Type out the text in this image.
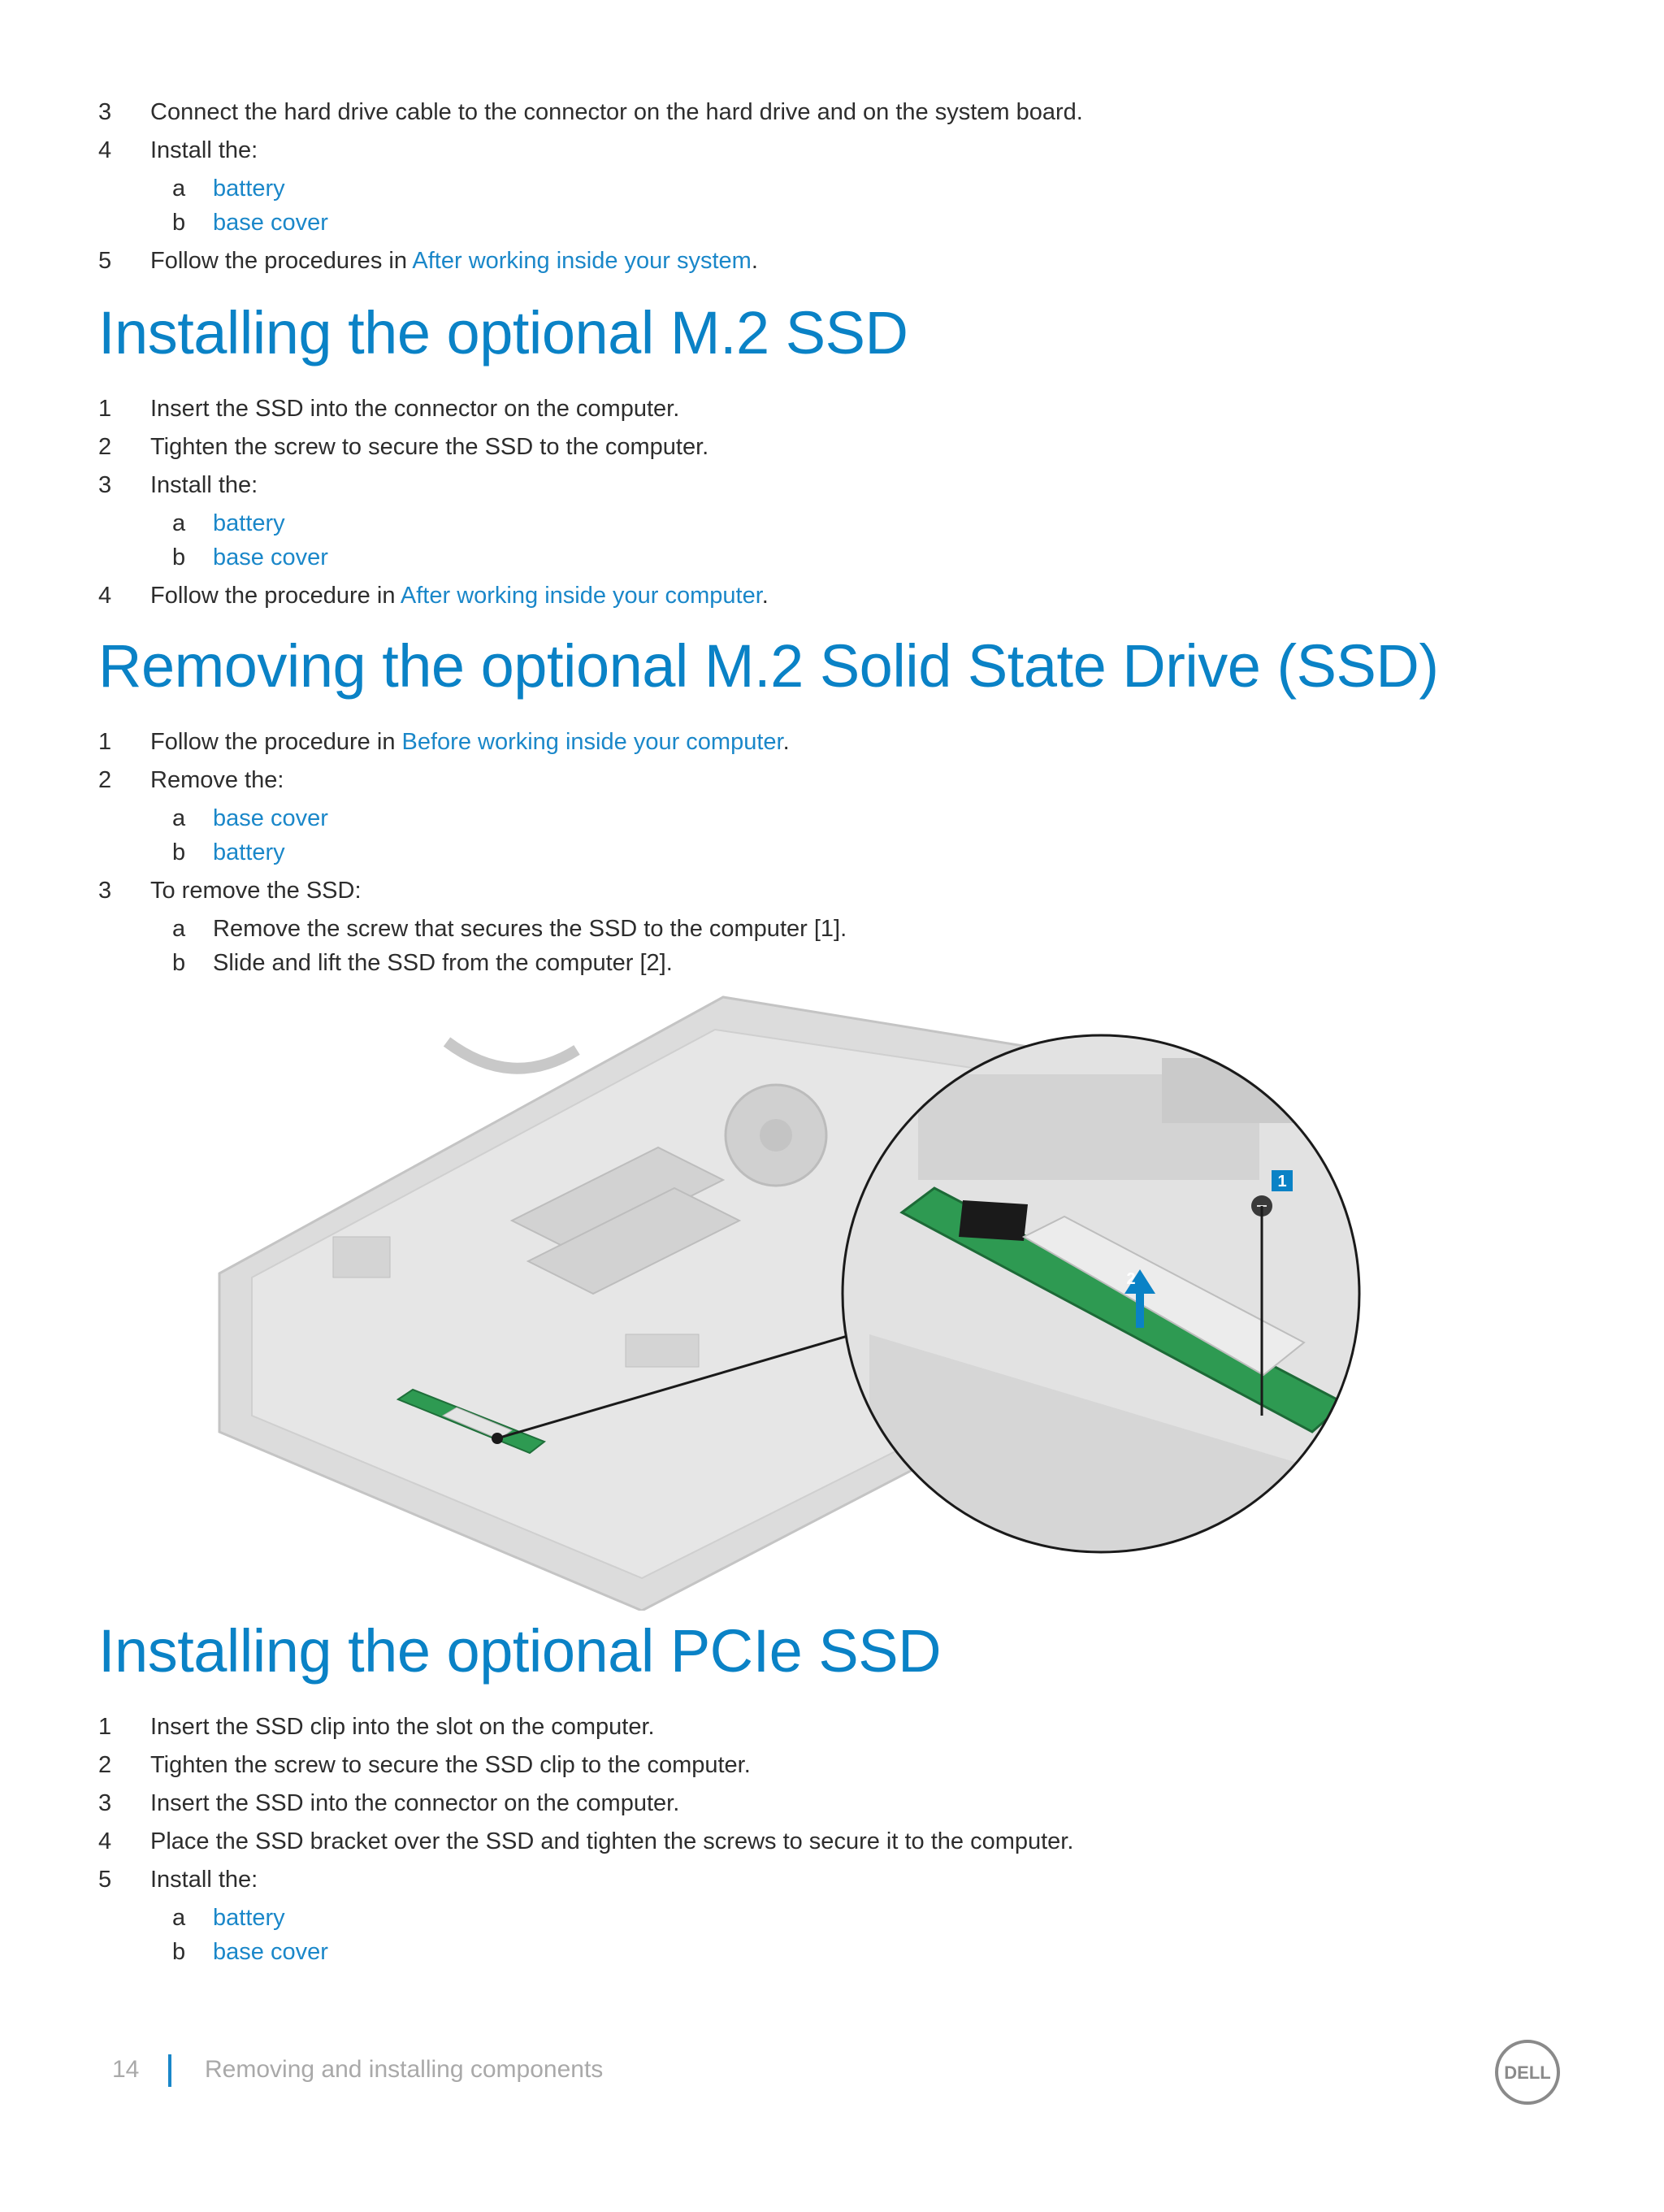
3 Connect the hard drive cable to the connector on the hard drive and on the system board.
4 Install the:
a battery
b base cover
5 Follow the procedures in After working inside your system.
Installing the optional M.2 SSD
1 Insert the SSD into the connector on the computer.
2 Tighten the screw to secure the SSD to the computer.
3 Install the:
a battery
b base cover
4 Follow the procedure in After working inside your computer.
Removing the optional M.2 Solid State Drive (SSD)
1 Follow the procedure in Before working inside your computer.
2 Remove the:
a base cover
b battery
3 To remove the SSD:
a Remove the screw that secures the SSD to the computer [1].
b Slide and lift the SSD from the computer [2].
1
2
Installing the optional PCIe SSD
1 Insert the SSD clip into the slot on the computer.
2 Tighten the screw to secure the SSD clip to the computer.
3 Insert the SSD into the connector on the computer.
4 Place the SSD bracket over the SSD and tighten the screws to secure it to the computer.
5 Install the:
a battery
b base cover
14	Removing and installing components	DELL
